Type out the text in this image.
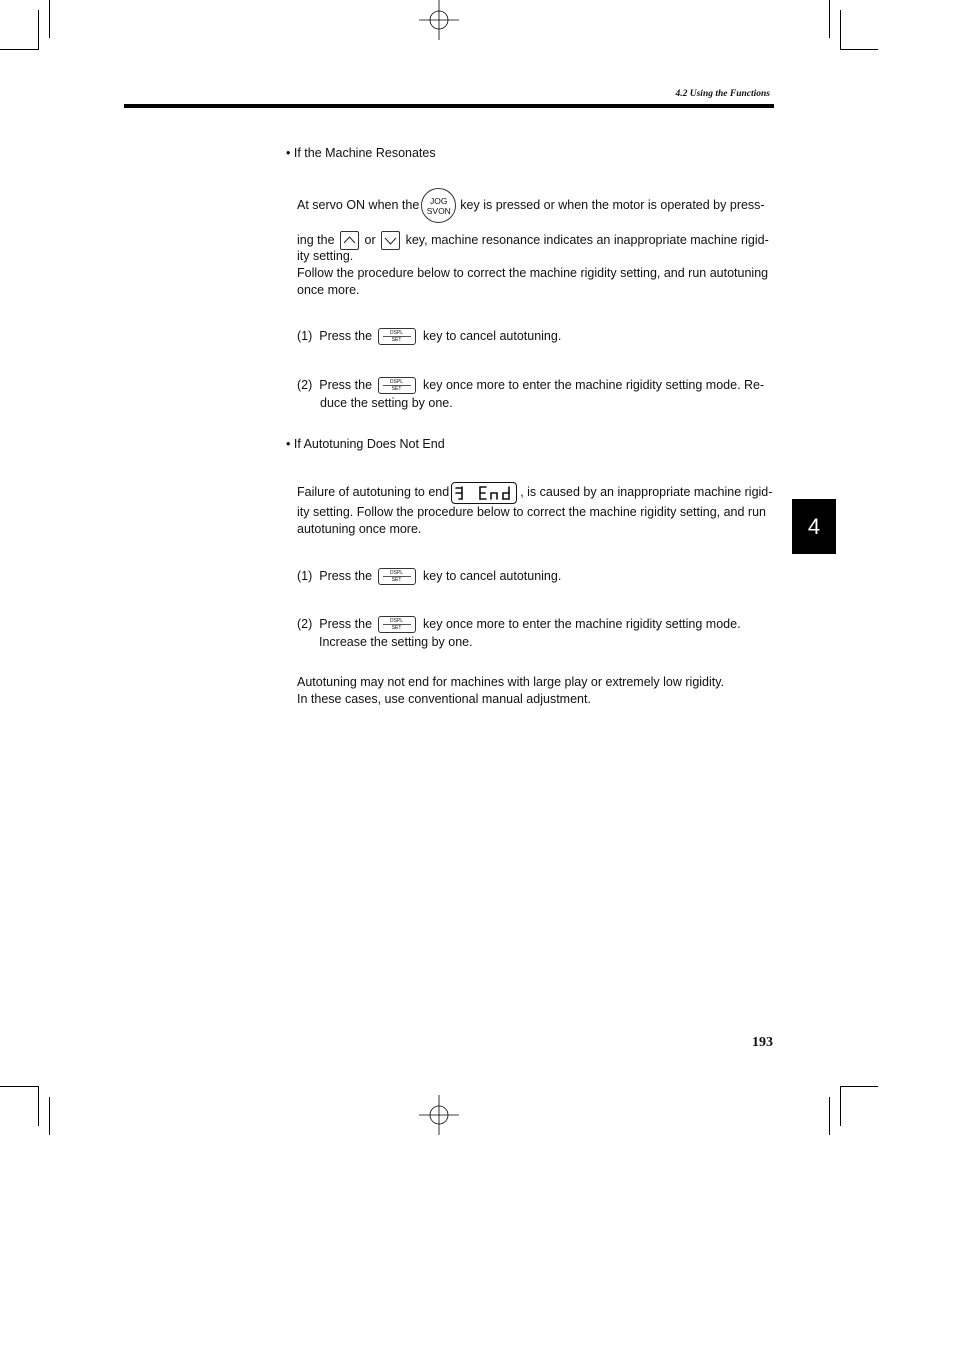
4.2 Using the Functions
• If the Machine Resonates
At servo ON when the JOG
SVON key is pressed or when the motor is operated by press-
ing the or key, machine resonance indicates an inappropriate machine rigid-
ity setting.
Follow the procedure below to correct the machine rigidity setting, and run autotuning
once more.
(1) Press the	DSPL
SET key to cancel autotuning.
(2) Press the	DSPL
SET key once more to enter the machine rigidity setting mode. Re-
duce the setting by one.
• If Autotuning Does Not End
Failure of autotuning to end	, is caused by an inappropriate machine rigid-
ity setting. Follow the procedure below to correct the machine rigidity setting, and run
autotuning once more.
(1) Press the	DSPL
SET key to cancel autotuning.
(2) Press the	DSPL
SET key once more to enter the machine rigidity setting mode.
Increase the setting by one.
Autotuning may not end for machines with large play or extremely low rigidity.
In these cases, use conventional manual adjustment.
4
193
